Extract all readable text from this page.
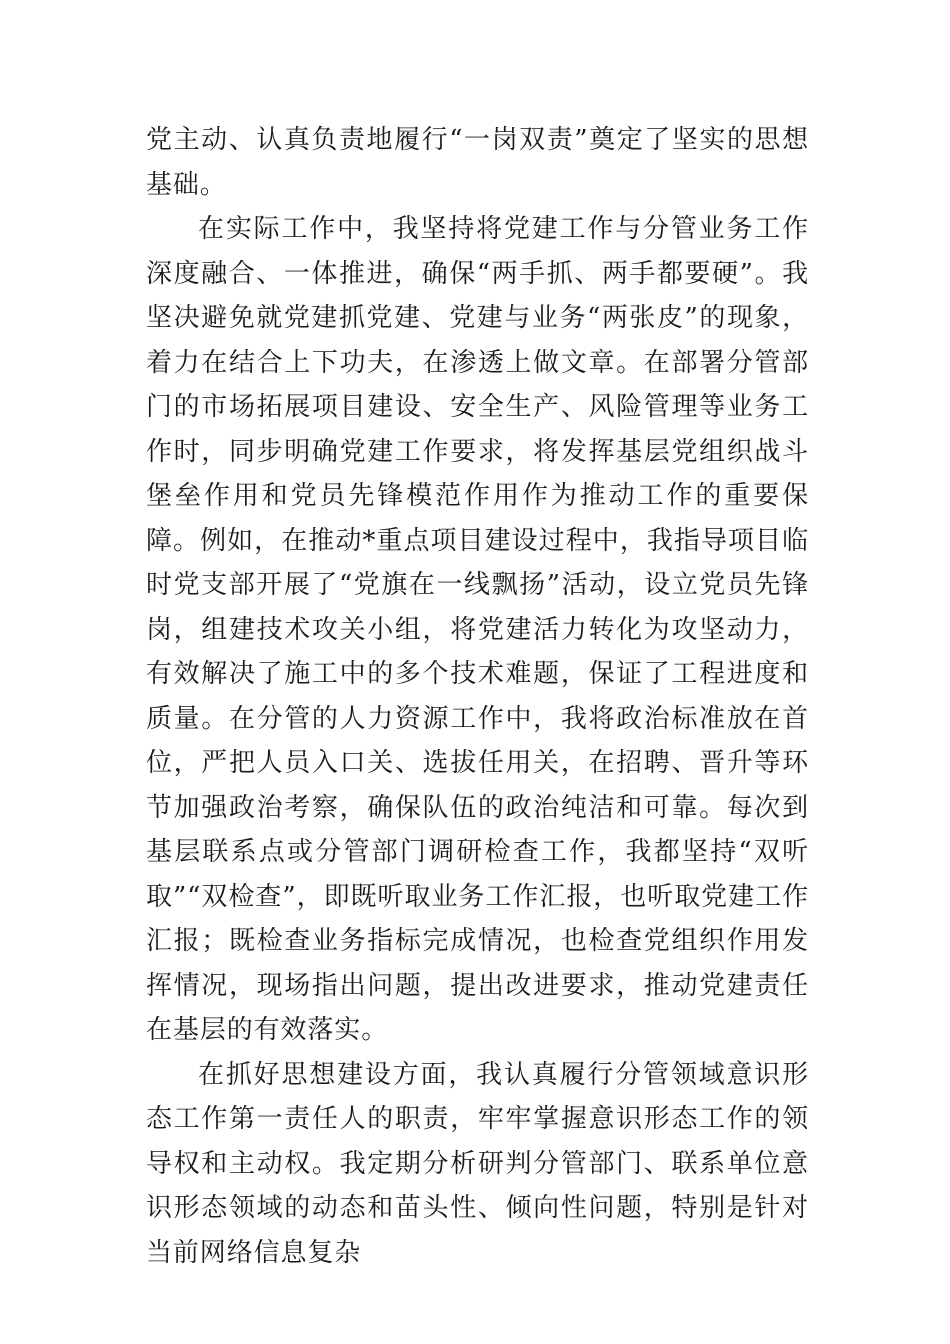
党主动、认真负责地履行“一岗双责”奠定了坚实的思想基础。

在实际工作中，我坚持将党建工作与分管业务工作深度融合、一体推进，确保“两手抓、两手都要硬”。我坚决避免就党建抓党建、党建与业务“两张皮”的现象，着力在结合上下功夫，在渗透上做文章。在部署分管部门的市场拓展项目建设、安全生产、风险管理等业务工作时，同步明确党建工作要求，将发挥基层党组织战斗堡垒作用和党员先锋模范作用作为推动工作的重要保障。例如，在推动*重点项目建设过程中，我指导项目临时党支部开展了“党旗在一线飘扬”活动，设立党员先锋岗，组建技术攻关小组，将党建活力转化为攻坚动力，有效解决了施工中的多个技术难题，保证了工程进度和质量。在分管的人力资源工作中，我将政治标准放在首位，严把人员入口关、选拔任用关，在招聘、晋升等环节加强政治考察，确保队伍的政治纯洁和可靠。每次到基层联系点或分管部门调研检查工作，我都坚持“双听取”“双检查”，即既听取业务工作汇报，也听取党建工作汇报；既检查业务指标完成情况，也检查党组织作用发挥情况，现场指出问题，提出改进要求，推动党建责任在基层的有效落实。

在抓好思想建设方面，我认真履行分管领域意识形态工作第一责任人的职责，牢牢掌握意识形态工作的领导权和主动权。我定期分析研判分管部门、联系单位意识形态领域的动态和苗头性、倾向性问题，特别是针对当前网络信息复杂
